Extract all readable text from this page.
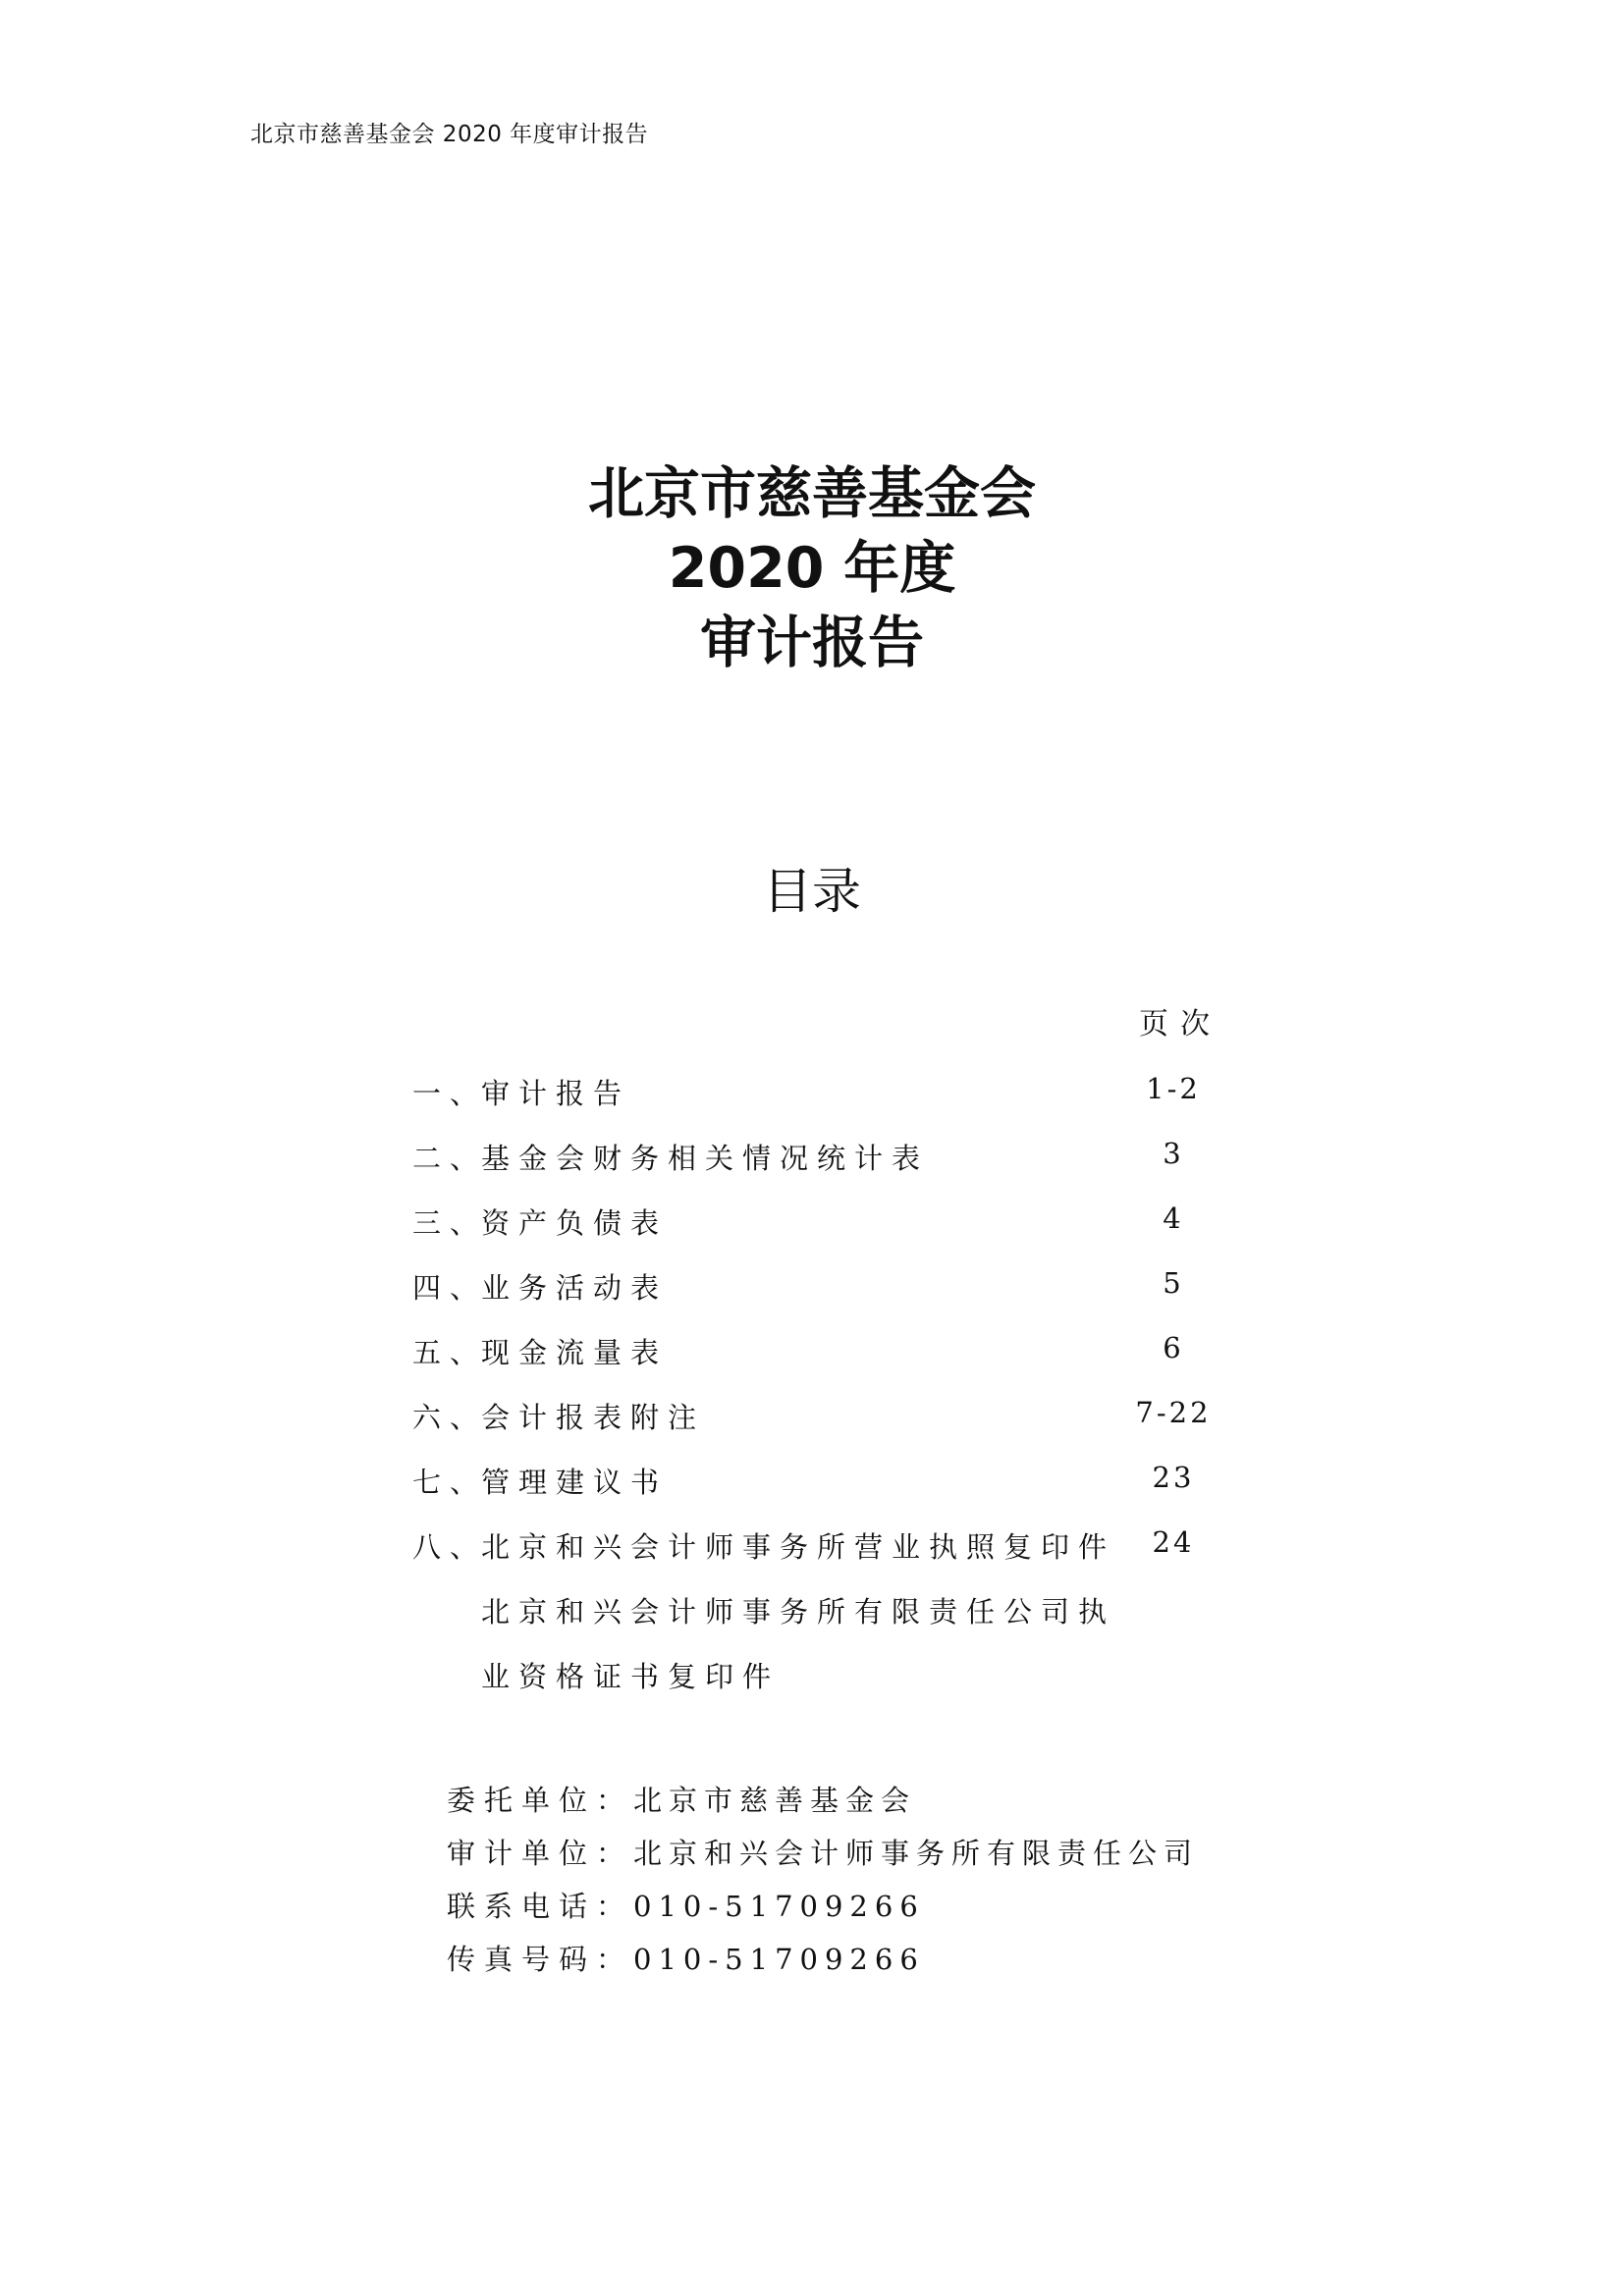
北京市慈善基金会 2020 年度审计报告
北京市慈善基金会
2020 年度
审计报告
目录
页次
一、
审计报告	1-2
二、
基金会财务相关情况统计表	3
三、
资产负债表	4
四、
业务活动表	5
五、
现金流量表	6
六、
会计报表附注	7-22
七、
管理建议书	23
八、
北京和兴会计师事务所营业执照复印件	24
北京和兴会计师事务所有限责任公司执
业资格证书复印件
委托单位：北京市慈善基金会
审计单位：北京和兴会计师事务所有限责任公司
联系电话：010-51709266
传真号码：010-51709266
